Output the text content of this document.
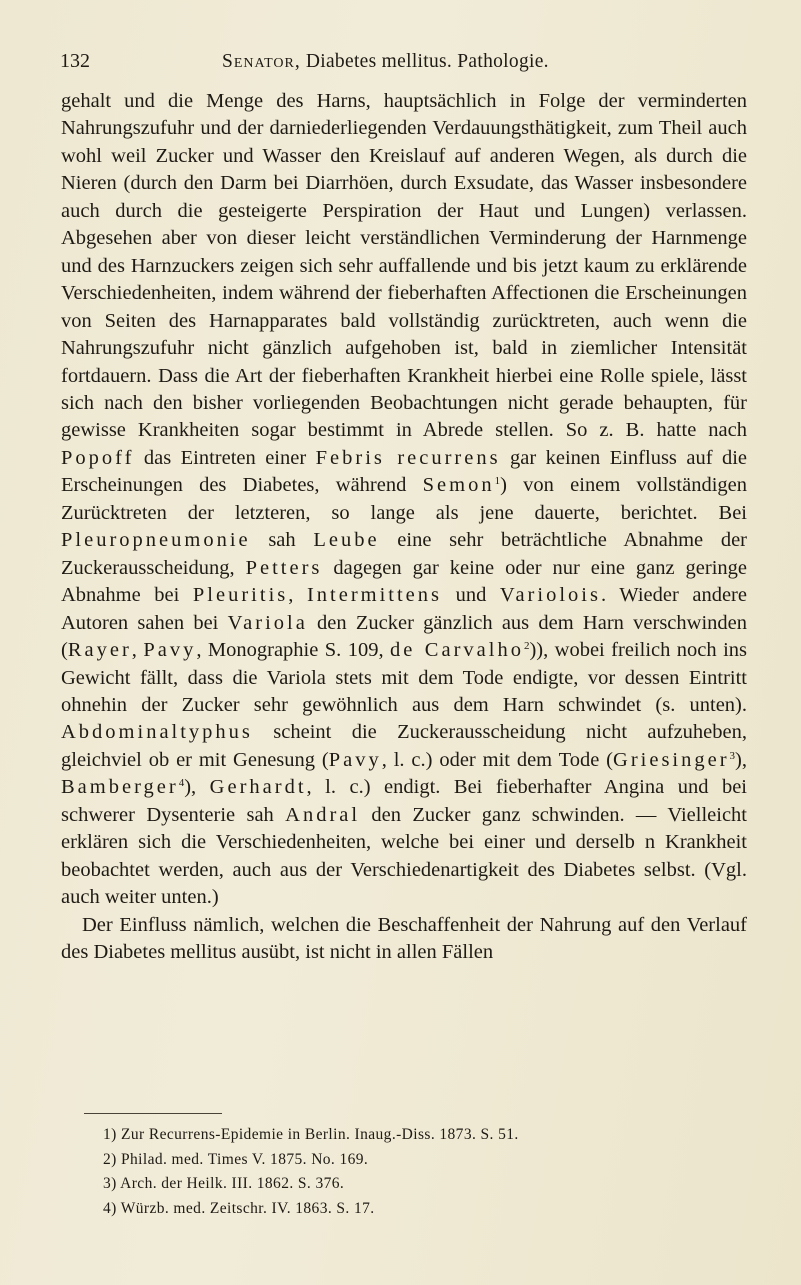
132	Senator, Diabetes mellitus. Pathologie.

gehalt und die Menge des Harns, hauptsächlich in Folge der verminderten Nahrungszufuhr und der darniederliegenden Verdauungsthätigkeit, zum Theil auch wohl weil Zucker und Wasser den Kreislauf auf anderen Wegen, als durch die Nieren (durch den Darm bei Diarrhöen, durch Exsudate, das Wasser insbesondere auch durch die gesteigerte Perspiration der Haut und Lungen) verlassen. Abgesehen aber von dieser leicht verständlichen Verminderung der Harnmenge und des Harnzuckers zeigen sich sehr auffallende und bis jetzt kaum zu erklärende Verschiedenheiten, indem während der fieberhaften Affectionen die Erscheinungen von Seiten des Harnapparates bald vollständig zurücktreten, auch wenn die Nahrungszufuhr nicht gänzlich aufgehoben ist, bald in ziemlicher Intensität fortdauern. Dass die Art der fieberhaften Krankheit hierbei eine Rolle spiele, lässt sich nach den bisher vorliegenden Beobachtungen nicht gerade behaupten, für gewisse Krankheiten sogar bestimmt in Abrede stellen. So z. B. hatte nach Popoff das Eintreten einer Febris recurrens gar keinen Einfluss auf die Erscheinungen des Diabetes, während Semon$^1$) von einem vollständigen Zurücktreten der letzteren, so lange als jene dauerte, berichtet. Bei Pleuropneumonie sah Leube eine sehr beträchtliche Abnahme der Zuckerausscheidung, Petters dagegen gar keine oder nur eine ganz geringe Abnahme bei Pleuritis, Intermittens und Variolois. Wieder andere Autoren sahen bei Variola den Zucker gänzlich aus dem Harn verschwinden (Rayer, Pavy, Monographie S. 109, de Carvalho$^2$)), wobei freilich noch ins Gewicht fällt, dass die Variola stets mit dem Tode endigte, vor dessen Eintritt ohnehin der Zucker sehr gewöhnlich aus dem Harn schwindet (s. unten). Abdominaltyphus scheint die Zuckerausscheidung nicht aufzuheben, gleichviel ob er mit Genesung (Pavy, l. c.) oder mit dem Tode (Griesinger$^3$), Bamberger$^4$), Gerhardt, l. c.) endigt. Bei fieberhafter Angina und bei schwerer Dysenterie sah Andral den Zucker ganz schwinden. — Vielleicht erklären sich die Verschiedenheiten, welche bei einer und derselb n Krankheit beobachtet werden, auch aus der Verschiedenartigkeit des Diabetes selbst. (Vgl. auch weiter unten.)

Der Einfluss nämlich, welchen die Beschaffenheit der Nahrung auf den Verlauf des Diabetes mellitus ausübt, ist nicht in allen Fällen

1) Zur Recurrens-Epidemie in Berlin. Inaug.-Diss. 1873. S. 51.
2) Philad. med. Times V. 1875. No. 169.
3) Arch. der Heilk. III. 1862. S. 376.
4) Würzb. med. Zeitschr. IV. 1863. S. 17.
